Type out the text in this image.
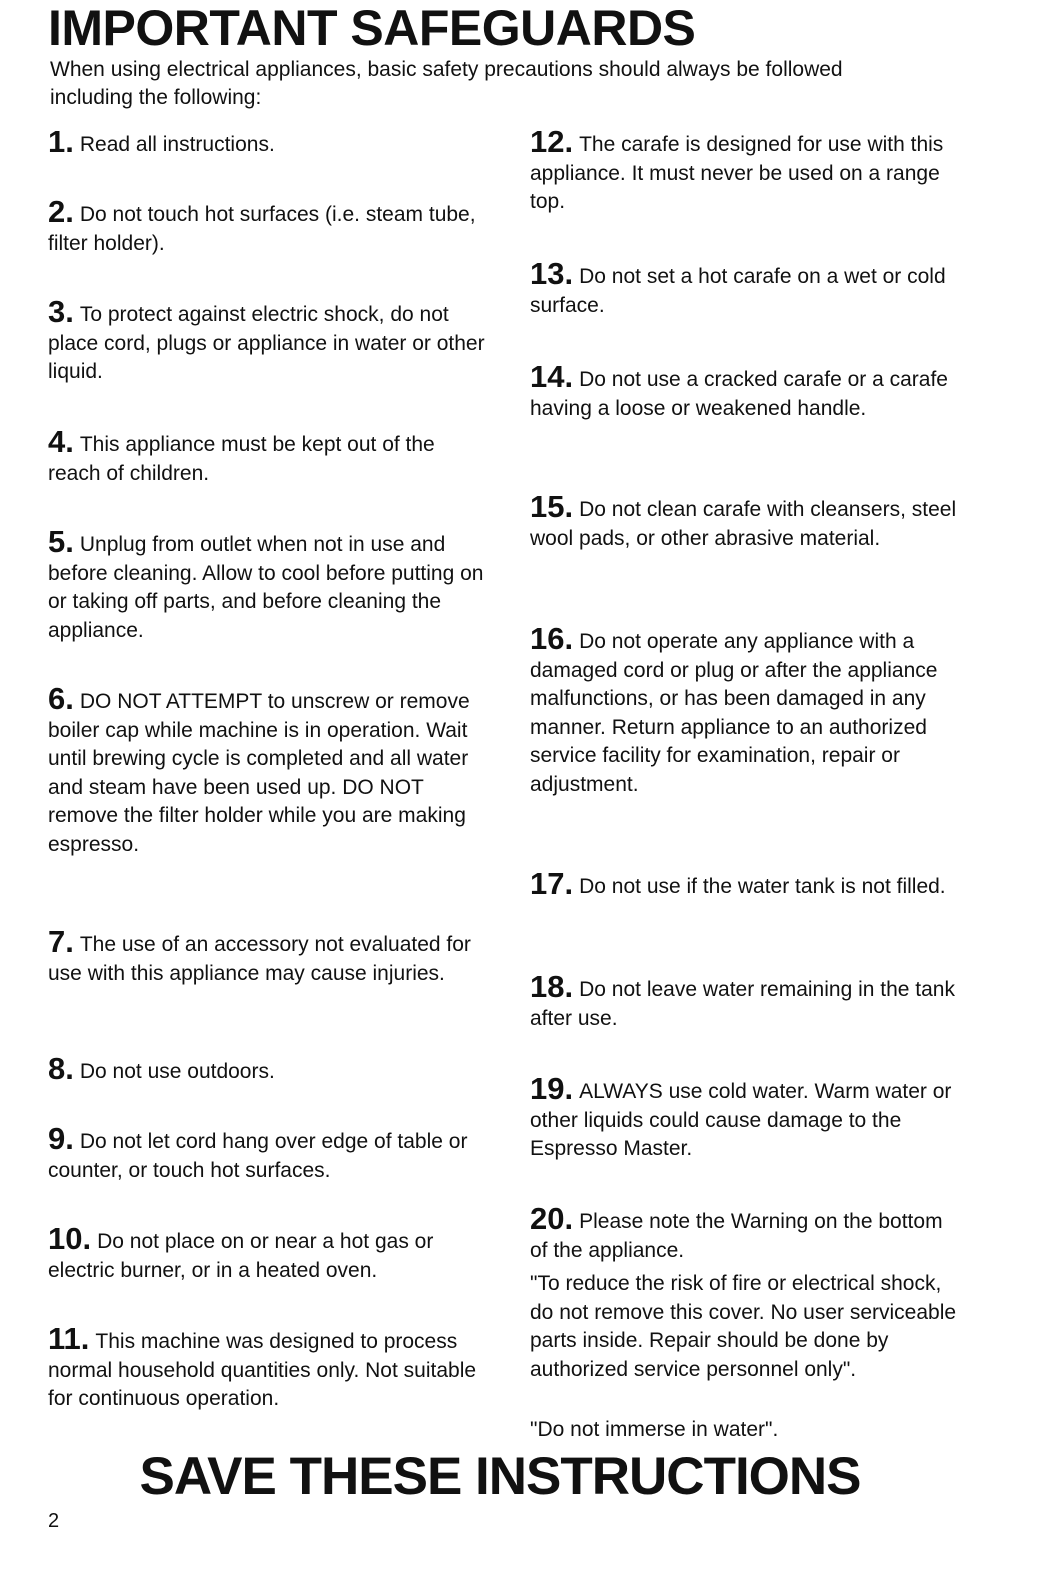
IMPORTANT SAFEGUARDS

When using electrical appliances, basic safety precautions should always be followed including the following:

1. Read all instructions.

2. Do not touch hot surfaces (i.e. steam tube, filter holder).

3. To protect against electric shock, do not place cord, plugs or appliance in water or other liquid.

4. This appliance must be kept out of the reach of children.

5. Unplug from outlet when not in use and before cleaning. Allow to cool before putting on or taking off parts, and before cleaning the appliance.

6. DO NOT ATTEMPT to unscrew or remove boiler cap while machine is in operation. Wait until brewing cycle is completed and all water and steam have been used up. DO NOT remove the filter holder while you are making espresso.

7. The use of an accessory not evaluated for use with this appliance may cause injuries.

8. Do not use outdoors.

9. Do not let cord hang over edge of table or counter, or touch hot surfaces.

10. Do not place on or near a hot gas or electric burner, or in a heated oven.

11. This machine was designed to process normal household quantities only. Not suitable for continuous operation.

12. The carafe is designed for use with this appliance. It must never be used on a range top.

13. Do not set a hot carafe on a wet or cold surface.

14. Do not use a cracked carafe or a carafe having a loose or weakened handle.

15. Do not clean carafe with cleansers, steel wool pads, or other abrasive material.

16. Do not operate any appliance with a damaged cord or plug or after the appliance malfunctions, or has been damaged in any manner. Return appliance to an authorized service facility for examination, repair or adjustment.

17. Do not use if the water tank is not filled.

18. Do not leave water remaining in the tank after use.

19. ALWAYS use cold water. Warm water or other liquids could cause damage to the Espresso Master.

20. Please note the Warning on the bottom of the appliance.

"To reduce the risk of fire or electrical shock, do not remove this cover. No user serviceable parts inside. Repair should be done by authorized service personnel only".

"Do not immerse in water".

SAVE THESE INSTRUCTIONS

2
